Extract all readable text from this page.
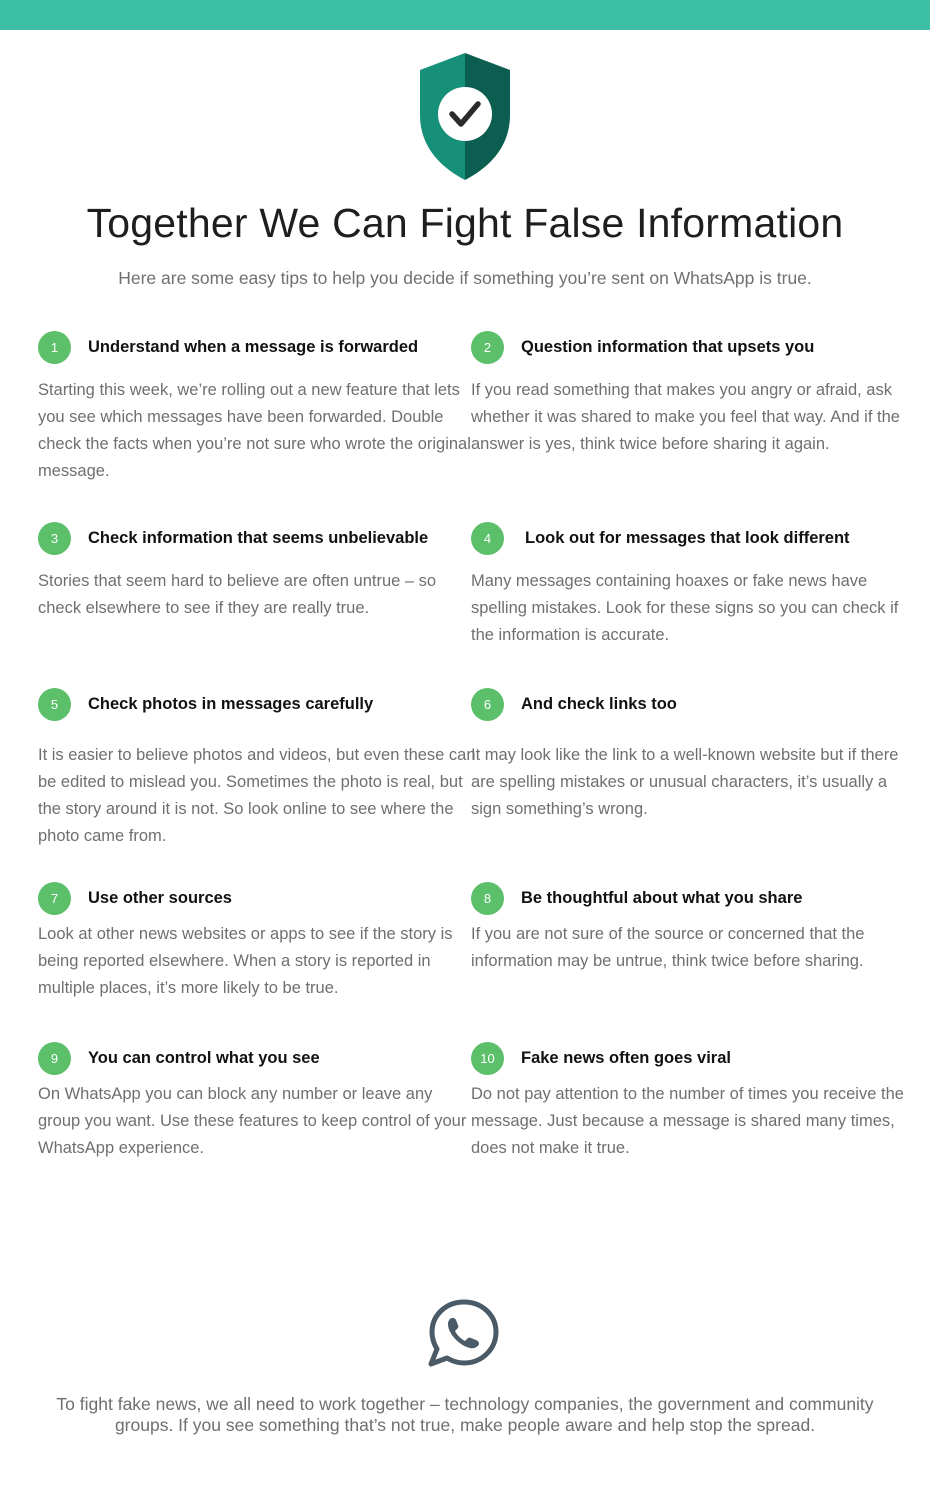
Together We Can Fight False Information
Here are some easy tips to help you decide if something you’re sent on WhatsApp is true.
1	Understand when a message is forwarded
Starting this week, we’re rolling out a new feature that lets you see which messages have been forwarded. Double check the facts when you’re not sure who wrote the original message.
2	Question information that upsets you
If you read something that makes you angry or afraid, ask whether it was shared to make you feel that way. And if the answer is yes, think twice before sharing it again.
3	Check information that seems unbelievable
Stories that seem hard to believe are often untrue – so check elsewhere to see if they are really true.
4	Look out for messages that look different
Many messages containing hoaxes or fake news have spelling mistakes. Look for these signs so you can check if the information is accurate.
5	Check photos in messages carefully
It is easier to believe photos and videos, but even these can be edited to mislead you. Sometimes the photo is real, but the story around it is not. So look online to see where the photo came from.
6	And check links too
It may look like the link to a well-known website but if there are spelling mistakes or unusual characters, it’s usually a sign something’s wrong.
7	Use other sources
Look at other news websites or apps to see if the story is being reported elsewhere. When a story is reported in multiple places, it’s more likely to be true.
8	Be thoughtful about what you share
If you are not sure of the source or concerned that the information may be untrue, think twice before sharing.
9	You can control what you see
On WhatsApp you can block any number or leave any group you want. Use these features to keep control of your WhatsApp experience.
10	Fake news often goes viral
Do not pay attention to the number of times you receive the message. Just because a message is shared many times, does not make it true.
To fight fake news, we all need to work together – technology companies, the government and community groups. If you see something that’s not true, make people aware and help stop the spread.
